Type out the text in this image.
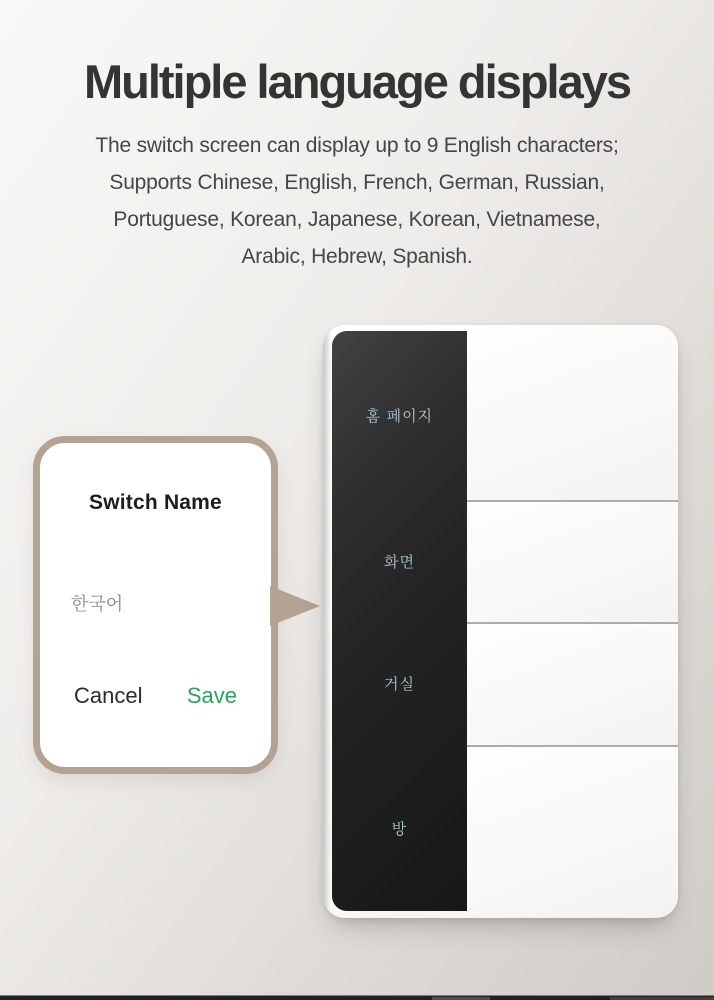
Multiple language displays
The switch screen can display up to 9 English characters;
Supports Chinese, English, French, German, Russian,
Portuguese, Korean, Japanese, Korean, Vietnamese,
Arabic, Hebrew, Spanish.
Switch Name
한국어
Cancel Save
홈 페이지
화면
거실
방
